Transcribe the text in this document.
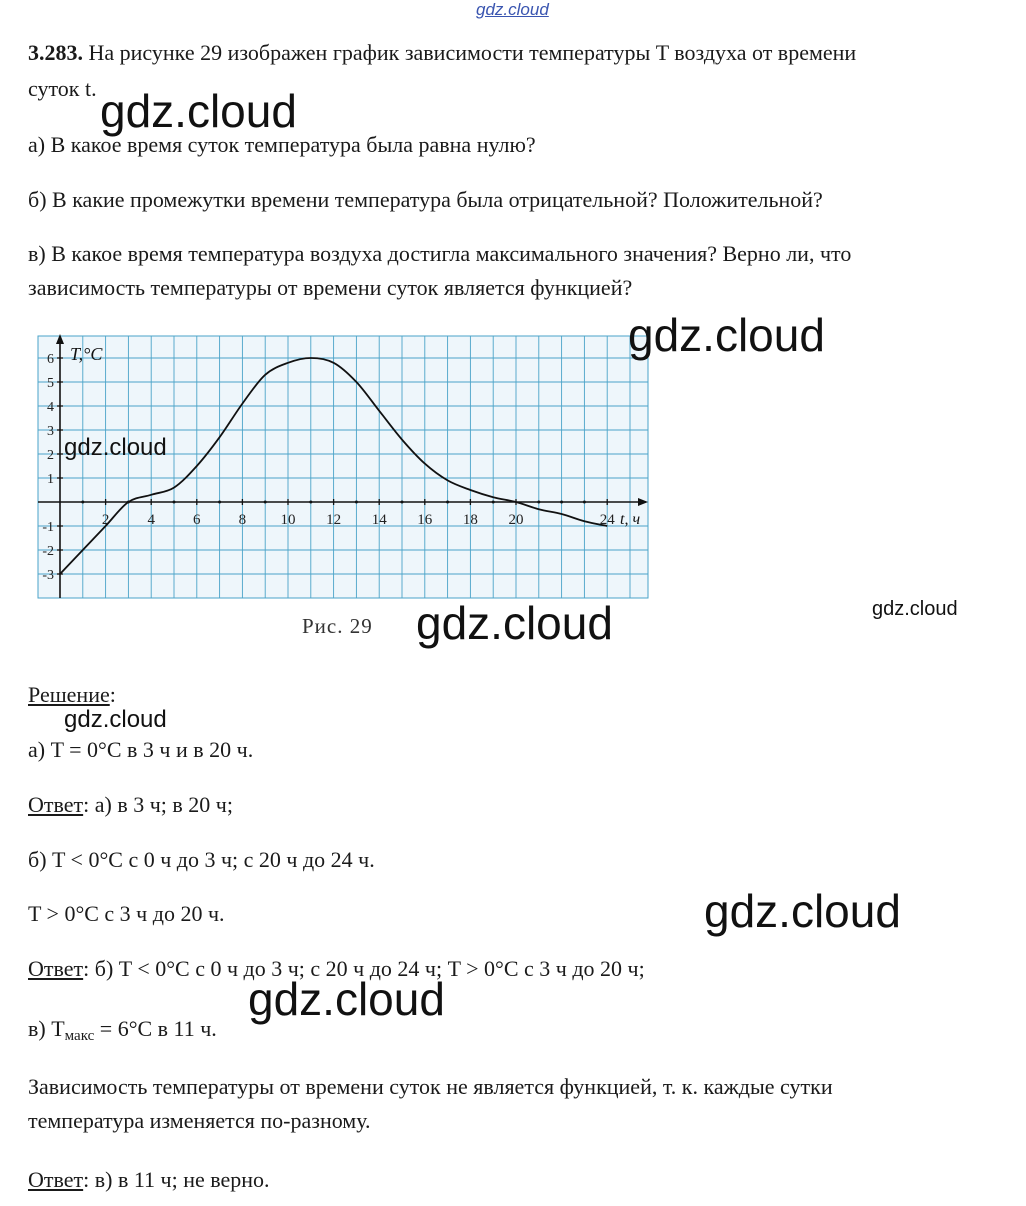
gdz.cloud
3.283. На рисунке 29 изображен график зависимости температуры T воздуха от времени
суток t.
а) В какое время суток температура была равна нулю?
б) В какие промежутки времени температура была отрицательной? Положительной?
в) В какое время температура воздуха достигла максимального значения? Верно ли, что
зависимость температуры от времени суток является функцией?
2	4	6	8 10 12 14 16 18 20	24
6
5
4
3
2
1
-1
-2
-3
T,°C
t, ч
Рис. 29
Решение:
а) T = 0°C в 3 ч и в 20 ч.
Ответ: а) в 3 ч; в 20 ч;
б) T < 0°C с 0 ч до 3 ч; с 20 ч до 24 ч.
T > 0°C с 3 ч до 20 ч.
Ответ: б) T < 0°C с 0 ч до 3 ч; с 20 ч до 24 ч; T > 0°C с 3 ч до 20 ч;
в) $T_{макс} = 6^\circ C$ в 11 ч.
Зависимость температуры от времени суток не является функцией, т. к. каждые сутки
температура изменяется по-разному.
Ответ: в) в 11 ч; не верно.
gdz.cloud
gdz.cloud
gdz.cloud
gdz.cloud	gdz.cloud
gdz.cloud
gdz.cloud
gdz.cloud
